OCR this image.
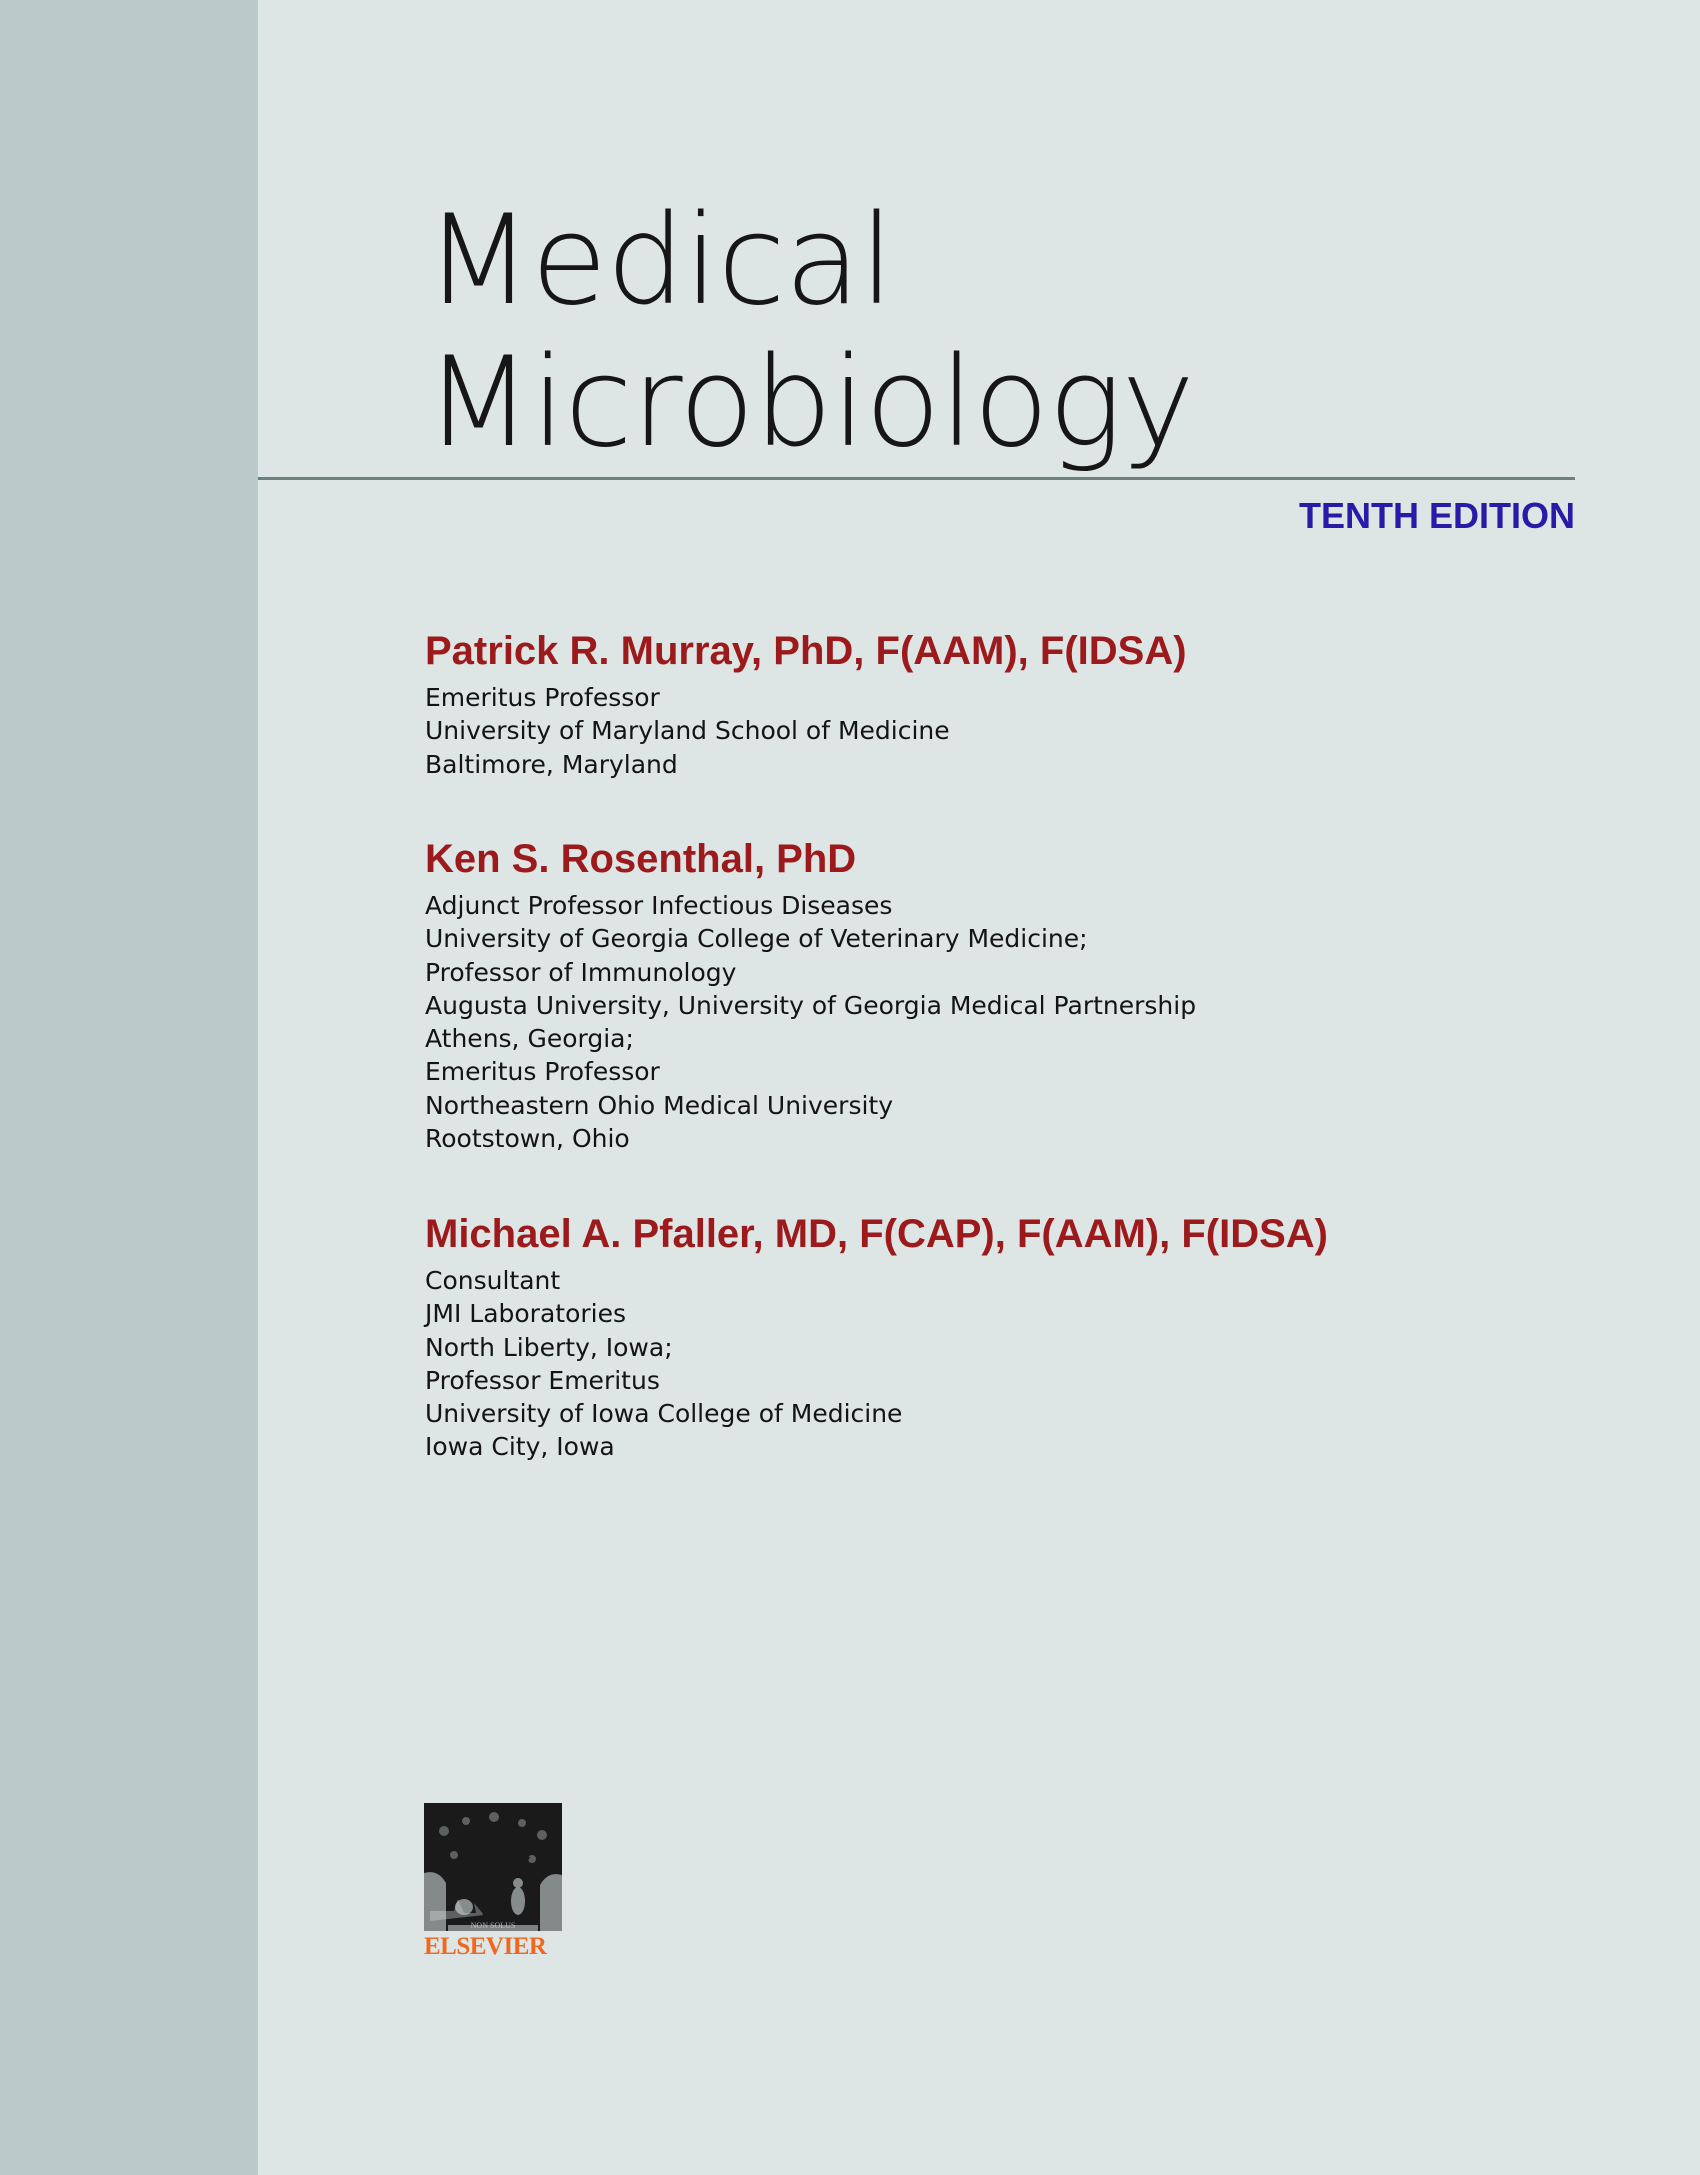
Medical
Microbiology
TENTH EDITION
Patrick R. Murray, PhD, F(AAM), F(IDSA)
Emeritus Professor
University of Maryland School of Medicine
Baltimore, Maryland
Ken S. Rosenthal, PhD
Adjunct Professor Infectious Diseases
University of Georgia College of Veterinary Medicine;
Professor of Immunology
Augusta University, University of Georgia Medical Partnership
Athens, Georgia;
Emeritus Professor
Northeastern Ohio Medical University
Rootstown, Ohio
Michael A. Pfaller, MD, F(CAP), F(AAM), F(IDSA)
Consultant
JMI Laboratories
North Liberty, Iowa;
Professor Emeritus
University of Iowa College of Medicine
Iowa City, Iowa
NON SOLUS
ELSEVIER
